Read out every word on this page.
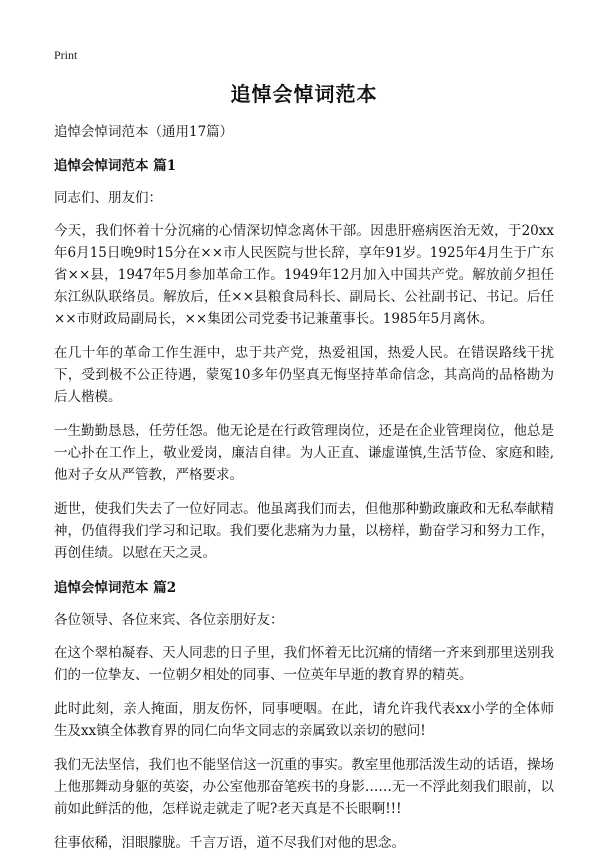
Print
追悼会悼词范本

追悼会悼词范本（通用17篇）

追悼会悼词范本 篇1

同志们、朋友们：

今天，我们怀着十分沉痛的心情深切悼念离休干部。因患肝癌病医治无效，于20xx年6月15日晚9时15分在××市人民医院与世长辞，享年91岁。1925年4月生于广东省××县，1947年5月参加革命工作。1949年12月加入中国共产党。解放前夕担任东江纵队联络员。解放后，任××县粮食局科长、副局长、公社副书记、书记。后任××市财政局副局长，××集团公司党委书记兼董事长。1985年5月离休。

在几十年的革命工作生涯中，忠于共产党，热爱祖国，热爱人民。在错误路线干扰下，受到极不公正待遇，蒙冤10多年仍坚真无悔坚持革命信念，其高尚的品格勘为后人楷模。

一生勤勤恳恳，任劳任怨。他无论是在行政管理岗位，还是在企业管理岗位，他总是一心扑在工作上，敬业爱岗，廉洁自律。为人正直、谦虚谨慎,生活节俭、家庭和睦,他对子女从严管教，严格要求。

逝世，使我们失去了一位好同志。他虽离我们而去，但他那种勤政廉政和无私奉献精神，仍值得我们学习和记取。我们要化悲痛为力量，以榜样，勤奋学习和努力工作，再创佳绩。以慰在天之灵。

追悼会悼词范本 篇2

各位领导、各位来宾、各位亲朋好友：

在这个翠柏凝春、天人同悲的日子里，我们怀着无比沉痛的情绪一齐来到那里送别我们的一位挚友、一位朝夕相处的同事、一位英年早逝的教育界的精英。

此时此刻，亲人掩面，朋友伤怀，同事哽咽。在此，请允许我代表xx小学的全体师生及xx镇全体教育界的同仁向华文同志的亲属致以亲切的慰问!

我们无法坚信，我们也不能坚信这一沉重的事实。教室里他那活泼生动的话语，操场上他那舞动身躯的英姿，办公室他那奋笔疾书的身影……无一不浮此刻我们眼前，以前如此鲜活的他，怎样说走就走了呢?老天真是不长眼啊!!!

往事依稀，泪眼朦胧。千言万语，道不尽我们对他的思念。
